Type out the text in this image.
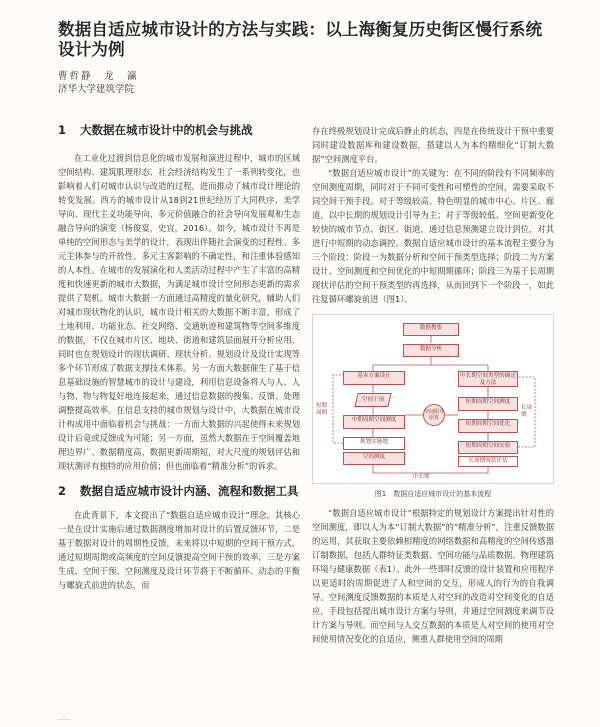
数据自适应城市设计的方法与实践：以上海衡复历史街区慢行系统设计为例
曹哲静　龙　瀛
济华大学建筑学院
1 大数据在城市设计中的机会与挑战

在工业化过渡到信息化的城市发展和演进过程中，城市的区域空间结构、建筑肌理形态、社会经济结构发生了一系列转变化，也影响着人们对城市认识与改造的过程，进而推动了城市设计理论的转变发展。西方的城市设计从18到21世纪经历了大同秩序、美学导向、现代主义功能导向、多元价值融合的社会导向发展观和生态融合导向的演变（杨俊宴，史宜，2016）。如今，城市设计不再是单纯的空间形态与美学的设计，表现出伴随社会演变的过程性、多元主体参与的开放性、多元主客影响的不确定性，和注重体验感知的人本性。在城市的发展演化和人类活动过程中产生了丰富的高精度和快速更新的城市大数据，为满足城市设计空间形态更新的需求提供了契机。城市大数据一方面通过高精度的量化研究，辅助人们对城市现状物化的认识，城市设计相关的大数据不断丰富，形成了土地利用、功能业态、社交网络、交通轨迹和建筑物等空间多维度的数据，不仅在城市片区、地块、街道和建筑层面展开分析应用，同时也在规划设计的现状调研、现状分析、规划设计及设计实现等多个环节形成了数据支撑技术体系。另一方面大数据催生了基于信息基础设施的智慧城市的设计与建设，利用信息设备将人与人、人与物、物与物复好地连接起来，通过信息数据的搜集、反馈、处理调整提高效率。在信息支持的城市规划与设计中，大数据在城市设计构成用中面临着机会与挑战：一方面大数据的兴起使得未来规划设计后竟或反馈成为可能；另一方面，虽然大数据在于空间覆盖地理边界广、数据精度高、数据更新周期短，对大尺度的规划评估和现状测评有独特的应用价值；但也面临着“精准分析”的诉求。

2 数据自适应城市设计内涵、流程和数据工具

在此背景下，本文提出了“数据自适应城市设计”理念。其核心一是在设计实施后通过数据测度增加对设计的后置反馈环节，二是基于数据对设计的周期性反馈，未来将以中短期的空间干预方式，通过短期周期或高频度的空间反馈提高空间干预的效率，三是方案生成、空间干预、空间测度及设计环节将于不断循环、动态的平衡与螺旋式前进的状态，而

存在终极规划设计完成后静止的状态，四是在传统设计干预中重要同时建设数据库和建设数据，搭建以人为本约精细化“订制大数据”空间测度平台。

“数据自适应城市设计”的关键为：在不同的阶段有不同频率的空间测度周期，同时对于不同可变性和可塑性的空间，需要采取不同空间干预手段。对于等级较高、特色明显的城市中心、片区、廊道，以中长期的规划设计引导为主；对于等级较低、空间更新变化较快的城市节点、街区、街道，通过信息预测建立设计到位，对其进行中短期的动态调控。数据自适应城市设计的基本流程主要分为三个阶段：阶段一为数据分析和空间干预类型选择；阶段二为方案设计、空间测度和空间优化的中短期期循环；阶段三为基于长周期现状评估的空间干预类型的再选择，从而回到下一个阶段一，如此往复循环螺旋前进（图1）。

数据搜集
数据分析
基本方案设计
空间干预
中期周期空间测度
规划实施地
空间测度
空间阻导 原发
中长期空间类型的确定及方法
短期周期空间测度
短期周期空间优化
短期周期空间实验
长周期现状评估
短期周期
长周期
中长期
图1　数据自适应城市设计的基本流程

“数据自适应城市设计”根据特定的规划设计方案提出针对性的空间测度，即以人为本“订制大数据”的“精准分析”，注重反馈数据的运用，其获取主要依赖相精度的网络数据和高精度的空间传感器订制数据，包括人群特征类数据、空间功能与品质数据、物理建筑环境与健康数据（表1）。此外一些即时反馈的设计装置和应用程序以更适时的周期促进了人和空间的交互，形成人的行为的自我调导。空间测度反馈数据的本质是人对空间的改造对空间变化的自适应，手段包括提出城市设计方案与导则，并通过空间测度来调节设计方案与导则。而空间与人交互数据的本质是人对空间的使用对空间使用情况变化的自适应，侧重人群使用空间的周期

……
